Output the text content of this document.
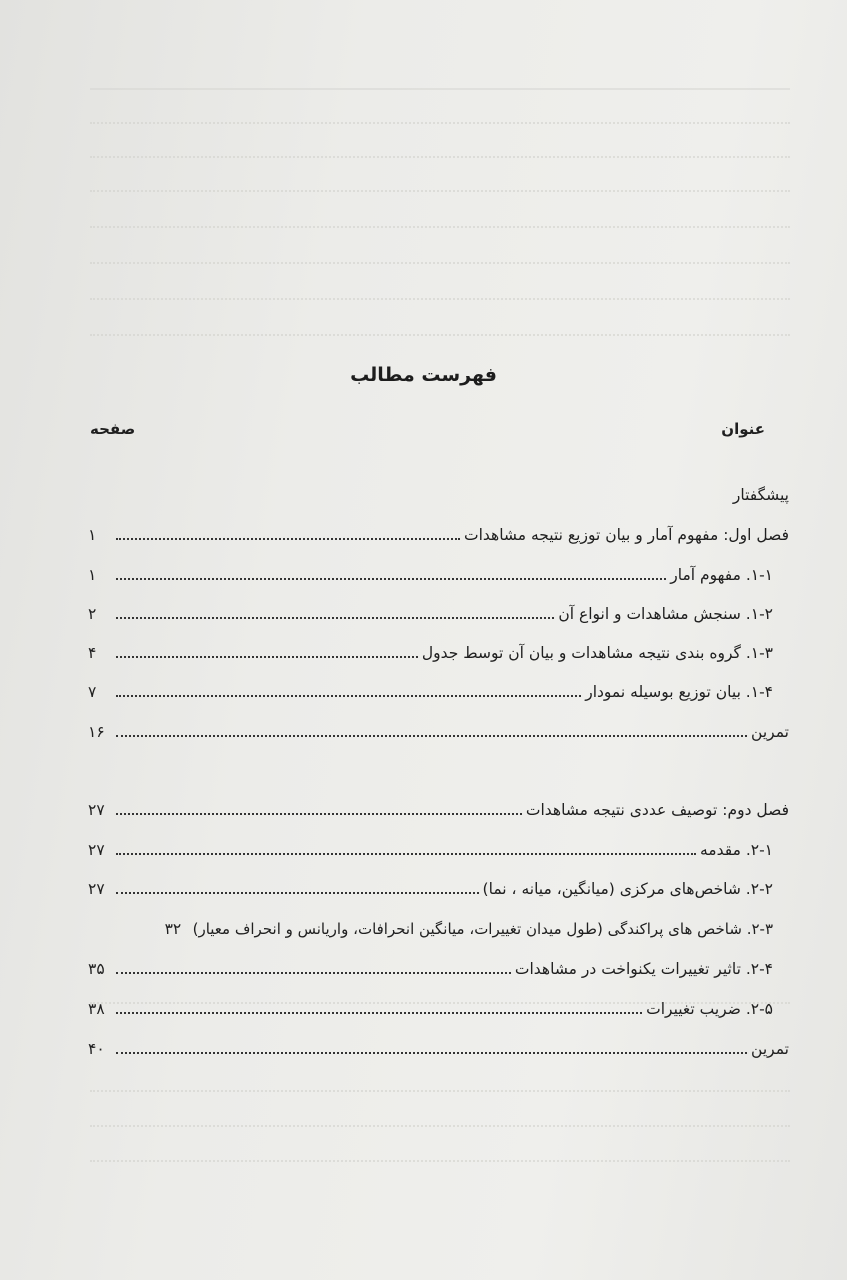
فهرست مطالب
عنوان
صفحه
پیشگفتار
فصل اول: مفهوم آمار و بیان توزیع نتیجه مشاهدات
۱
۱-۱. مفهوم آمار
۱
۱-۲. سنجش مشاهدات و انواع آن
۲
۱-۳. گروه بندی نتیجه مشاهدات و بیان آن توسط جدول
۴
۱-۴. بیان توزیع بوسیله نمودار
۷
تمرین
۱۶
فصل دوم: توصیف عددی نتیجه مشاهدات
۲۷
۲-۱. مقدمه
۲۷
۲-۲. شاخص‌های مرکزی (میانگین، میانه ، نما)
۲۷
۲-۳. شاخص های پراکندگی (طول میدان تغییرات، میانگین انحرافات، واریانس و انحراف معیار)
۳۲
۲-۴. تاثیر تغییرات یکنواخت در مشاهدات
۳۵
۲-۵. ضریب تغییرات
۳۸
تمرین
۴۰
